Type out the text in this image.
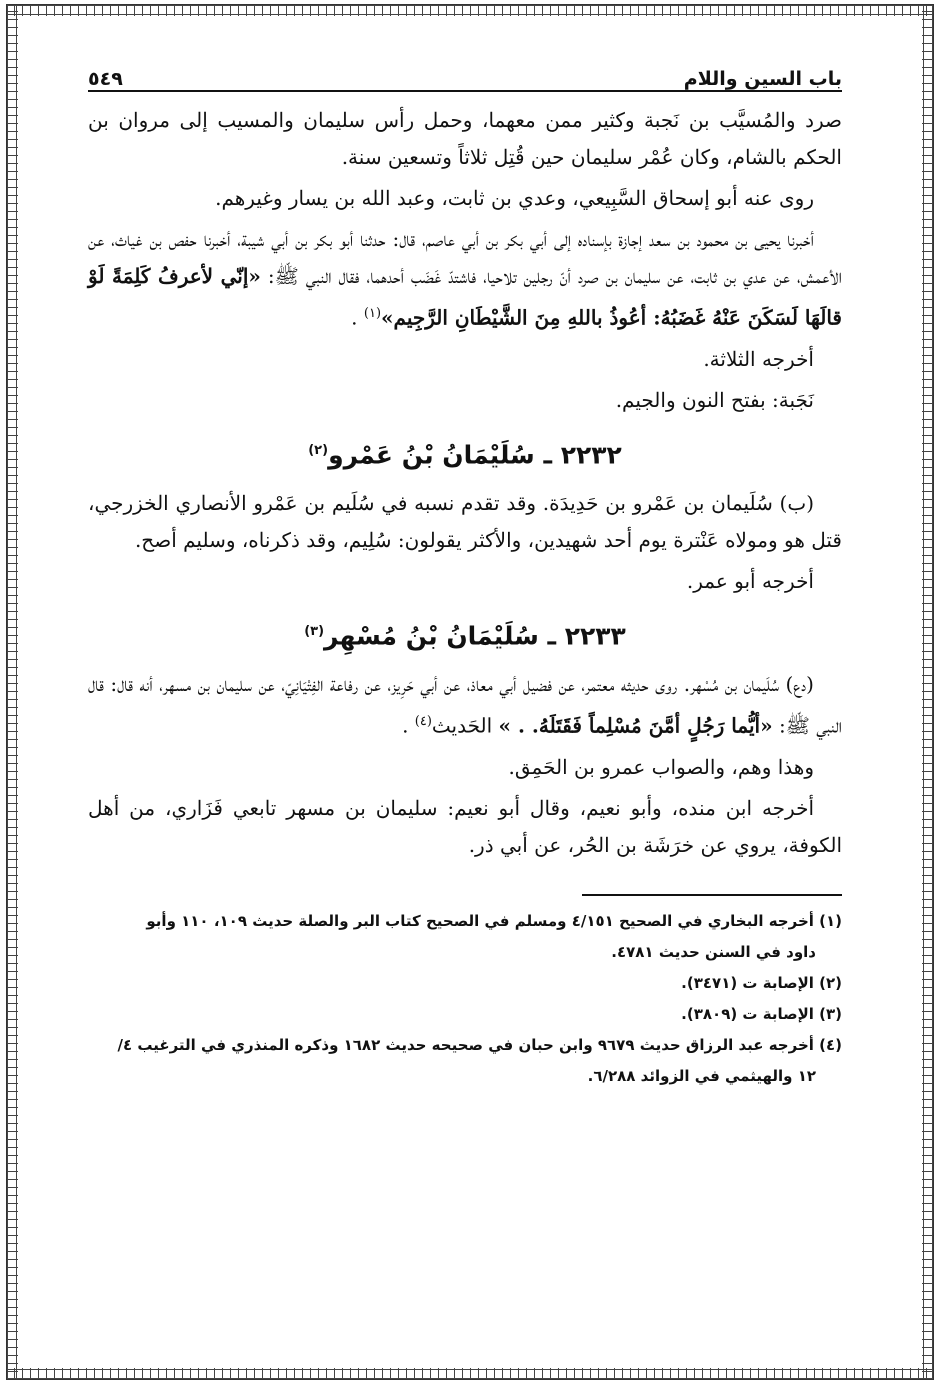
باب السين واللام
٥٤٩

صرد والمُسيَّب بن نَجبة وكثير ممن معهما، وحمل رأس سليمان والمسيب إلى مروان بن الحكم بالشام، وكان عُمْر سليمان حين قُتِل ثلاثاً وتسعين سنة.

روى عنه أبو إسحاق السَّبِيعي، وعدي بن ثابت، وعبد الله بن يسار وغيرهم.

أخبرنا يحيى بن محمود بن سعد إجازة بإسناده إلى أبي بكر بن أبي عاصم، قال: حدثنا أبو بكر بن أبي شيبة، أخبرنا حفص بن غياث، عن الأعمش، عن عدي بن ثابت، عن سليمان بن صرد أنّ رجلين تلاحيا، فاشتدّ غَضَب أحدهما، فقال النبي ﷺ: «إنّي لأعرفُ كَلِمَةً لَوْ قالَهَا لَسَكَنَ عَنْهُ غَضَبُهُ: أعُوذُ باللهِ مِنَ الشَّيْطَانِ الرَّجِيم»$^{(١)}$ .

أخرجه الثلاثة.

نَجَبة: بفتح النون والجيم.

٢٢٣٢ ـ سُلَيْمَانُ بْنُ عَمْرو$^{(٢)}$

(ب) سُلَيمان بن عَمْرو بن حَدِيدَة. وقد تقدم نسبه في سُلَيم بن عَمْرو الأنصاري الخزرجي، قتل هو ومولاه عَنْترة يوم أحد شهيدين، والأكثر يقولون: سُلِيم، وقد ذكرناه، وسليم أصح.

أخرجه أبو عمر.

٢٢٣٣ ـ سُلَيْمَانُ بْنُ مُسْهِر$^{(٣)}$

(دع) سُلَيمان بن مُسْهر. روى حديثه معتمر، عن فضيل أبي معاذ، عن أبي حَرِيز، عن رفاعة الفِتْيَانِيّ، عن سليمان بن مسهر، أنه قال: قال النبي ﷺ: «أيُّما رَجُلٍ أمَّنَ مُسْلِماً فَقَتَلَهُ. . » الحَديث$^{(٤)}$ .

وهذا وهم، والصواب عمرو بن الحَمِق.

أخرجه ابن منده، وأبو نعيم، وقال أبو نعيم: سليمان بن مسهر تابعي فَزَاري، من أهل الكوفة، يروي عن خرَشَة بن الحُر، عن أبي ذر.

(١) أخرجه البخاري في الصحيح ٤/١٥١ ومسلم في الصحيح كتاب البر والصلة حديث ١٠٩، ١١٠ وأبو

داود في السنن حديث ٤٧٨١.

(٢) الإصابة ت (٣٤٧١).

(٣) الإصابة ت (٣٨٠٩).

(٤) أخرجه عبد الرزاق حديث ٩٦٧٩ وابن حبان في صحيحه حديث ١٦٨٢ وذكره المنذري في الترغيب ٤/

١٢ والهيثمي في الزوائد ٦/٢٨٨.
